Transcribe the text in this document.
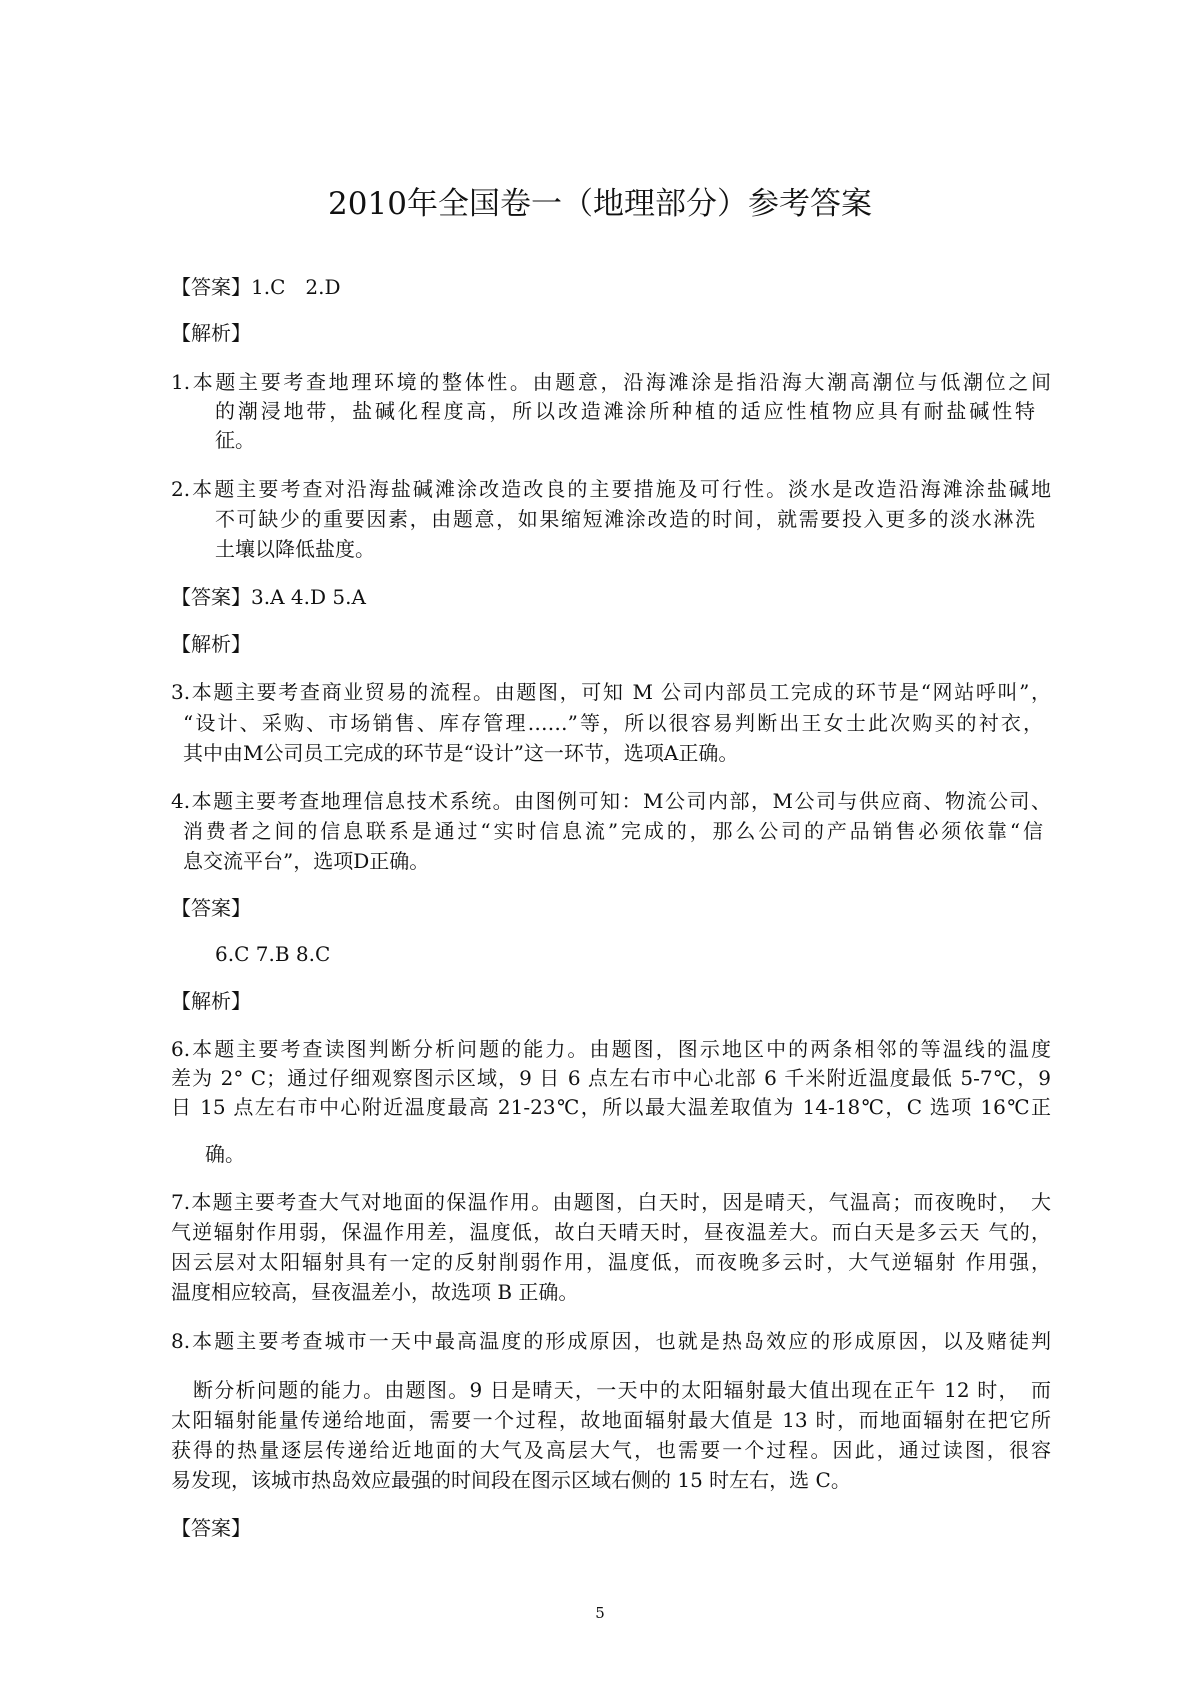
2010年全国卷一（地理部分）参考答案
【答案】1.C　2.D
【解析】
1.本题主要考查地理环境的整体性。由题意，沿海滩涂是指沿海大潮高潮位与低潮位之间
的潮浸地带，盐碱化程度高，所以改造滩涂所种植的适应性植物应具有耐盐碱性特
征。
2.本题主要考查对沿海盐碱滩涂改造改良的主要措施及可行性。淡水是改造沿海滩涂盐碱地
不可缺少的重要因素，由题意，如果缩短滩涂改造的时间，就需要投入更多的淡水淋洗
土壤以降低盐度。
【答案】3.A 4.D 5.A
【解析】
3.本题主要考查商业贸易的流程。由题图，可知 M 公司内部员工完成的环节是“网站呼叫”，
“设计、采购、市场销售、库存管理……”等，所以很容易判断出王女士此次购买的衬衣，
其中由M公司员工完成的环节是“设计”这一环节，选项A正确。
4.本题主要考查地理信息技术系统。由图例可知：M公司内部，M公司与供应商、物流公司、
消费者之间的信息联系是通过“实时信息流”完成的，那么公司的产品销售必须依靠“信
息交流平台”，选项D正确。
【答案】
6.C 7.B 8.C
【解析】
6.本题主要考查读图判断分析问题的能力。由题图，图示地区中的两条相邻的等温线的温度
差为 2° C；通过仔细观察图示区域，9 日 6 点左右市中心北部 6 千米附近温度最低 5-7℃，9
日 15 点左右市中心附近温度最高 21-23℃，所以最大温差取值为 14-18℃，C 选项 16℃正
确。
7.本题主要考查大气对地面的保温作用。由题图，白天时，因是晴天，气温高；而夜晚时，　大
气逆辐射作用弱，保温作用差，温度低，故白天晴天时，昼夜温差大。而白天是多云天 气的，
因云层对太阳辐射具有一定的反射削弱作用，温度低，而夜晚多云时，大气逆辐射 作用强，
温度相应较高，昼夜温差小，故选项 B 正确。
8.本题主要考查城市一天中最高温度的形成原因，也就是热岛效应的形成原因，以及赌徒判
断分析问题的能力。由题图。9 日是晴天，一天中的太阳辐射最大值出现在正午 12 时，　而
太阳辐射能量传递给地面，需要一个过程，故地面辐射最大值是 13 时，而地面辐射在把它所
获得的热量逐层传递给近地面的大气及高层大气，也需要一个过程。因此，通过读图，很容
易发现，该城市热岛效应最强的时间段在图示区域右侧的 15 时左右，选 C。
【答案】
5
